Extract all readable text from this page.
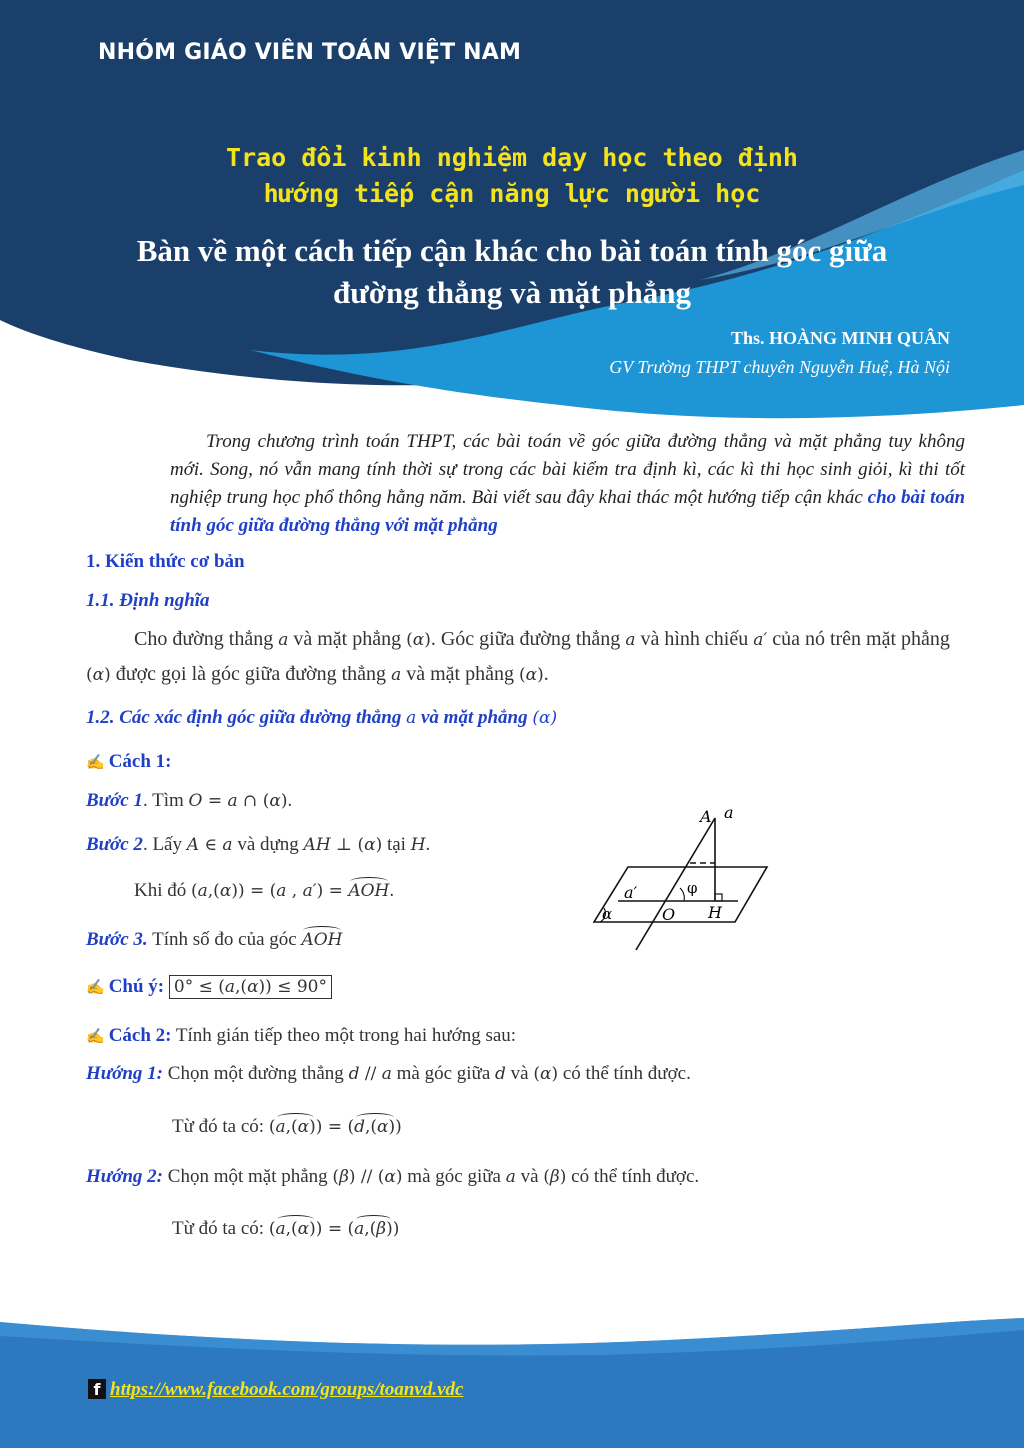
NHÓM GIÁO VIÊN TOÁN VIỆT NAM
Trao đổi kinh nghiệm dạy học theo định
hướng tiếp cận năng lực người học
Bàn về một cách tiếp cận khác cho bài toán tính góc giữa
đường thẳng và mặt phẳng
Ths. HOÀNG MINH QUÂN
GV Trường THPT chuyên Nguyễn Huệ, Hà Nội
Trong chương trình toán THPT, các bài toán về góc giữa đường thẳng và mặt phẳng tuy không mới. Song, nó vẫn mang tính thời sự trong các bài kiểm tra định kì, các kì thi học sinh giỏi, kì thi tốt nghiệp trung học phổ thông hằng năm. Bài viết sau đây khai thác một hướng tiếp cận khác cho bài toán tính góc giữa đường thẳng với mặt phẳng
1. Kiến thức cơ bản
1.1. Định nghĩa
Cho đường thẳng a và mặt phẳng (α). Góc giữa đường thẳng a và hình chiếu a′ của nó trên mặt phẳng (α) được gọi là góc giữa đường thẳng a và mặt phẳng (α).
1.2. Các xác định góc giữa đường thẳng a và mặt phẳng (α)
✍ Cách 1:
Bước 1. Tìm O = a ∩ (α).
Bước 2. Lấy A ∈ a và dựng AH ⊥ (α) tại H.
Khi đó (a,(α)) = (a , a′) = AOH.
Bước 3. Tính số đo của góc AOH
✍ Chú ý: 0° ≤ (a,(α)) ≤ 90°
A a
a′	φ
α	O H
✍ Cách 2: Tính gián tiếp theo một trong hai hướng sau:
Hướng 1: Chọn một đường thẳng d // a mà góc giữa d và (α) có thể tính được.
Từ đó ta có: (a,(α)) = (d,(α))
Hướng 2: Chọn một mặt phẳng (β) // (α) mà góc giữa a và (β) có thể tính được.
Từ đó ta có: (a,(α)) = (a,(β))
f https://www.facebook.com/groups/toanvd.vdc
